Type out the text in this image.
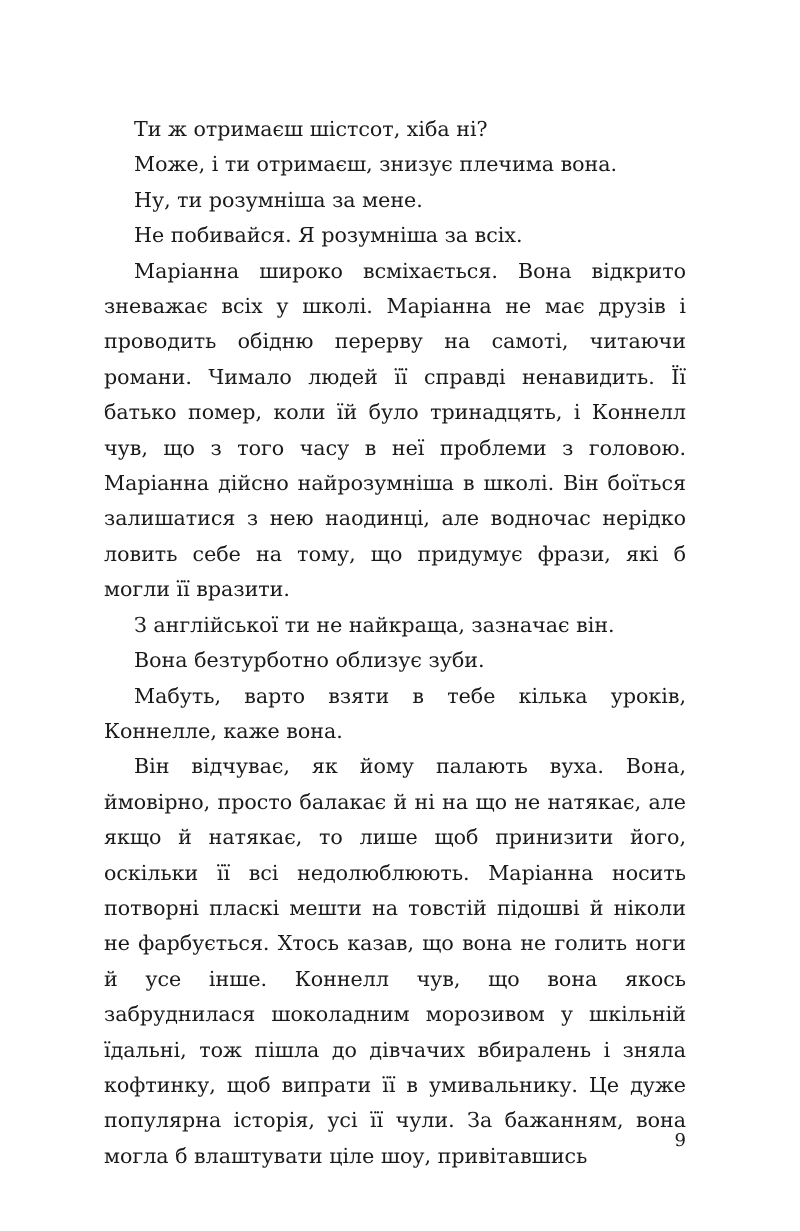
Ти ж отримаєш шістсот, хіба ні?

Може, і ти отримаєш, знизує плечима вона.

Ну, ти розумніша за мене.

Не побивайся. Я розумніша за всіх.

Маріанна широко всміхається. Вона відкрито зневажає всіх у школі. Маріанна не має друзів і проводить обідню перерву на самоті, читаючи романи. Чимало людей її справді ненавидить. Її батько помер, коли їй було тринадцять, і Коннелл чув, що з того часу в неї проблеми з головою. Маріанна дійсно найрозумніша в школі. Він боїться залишатися з нею наодинці, але водночас нерідко ловить себе на тому, що придумує фрази, які б могли її вразити.

З англійської ти не найкраща, зазначає він.

Вона безтурботно облизує зуби.

Мабуть, варто взяти в тебе кілька уроків, Коннелле, каже вона.

Він відчуває, як йому палають вуха. Вона, ймовірно, просто балакає й ні на що не натякає, але якщо й натякає, то лише щоб принизити його, оскільки її всі недолюблюють. Маріанна носить потворні пласкі мешти на товстій підошві й ніколи не фарбується. Хтось казав, що вона не голить ноги й усе інше. Коннелл чув, що вона якось забруднилася шоколадним морозивом у шкільній їдальні, тож пішла до дівчачих вбиралень і зняла кофтинку, щоб випрати її в умивальнику. Це дуже популярна історія, усі її чули. За бажанням, вона могла б влаштувати ціле шоу, привітавшись

9
